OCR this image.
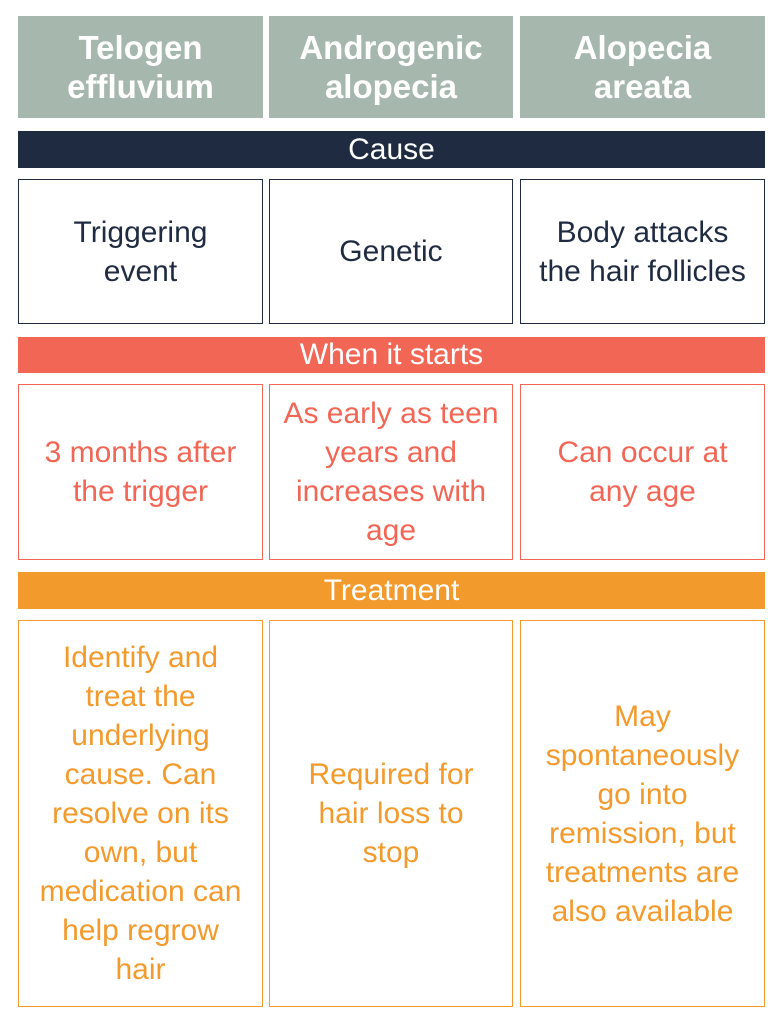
Telogen effluvium
Androgenic alopecia
Alopecia areata
Cause
Triggering event
Genetic
Body attacks the hair follicles
When it starts
3 months after the trigger
As early as teen years and increases with age
Can occur at any age
Treatment
Identify and treat the underlying cause. Can resolve on its own, but medication can help regrow hair
Required for hair loss to stop
May spontaneously go into remission, but treatments are also available
